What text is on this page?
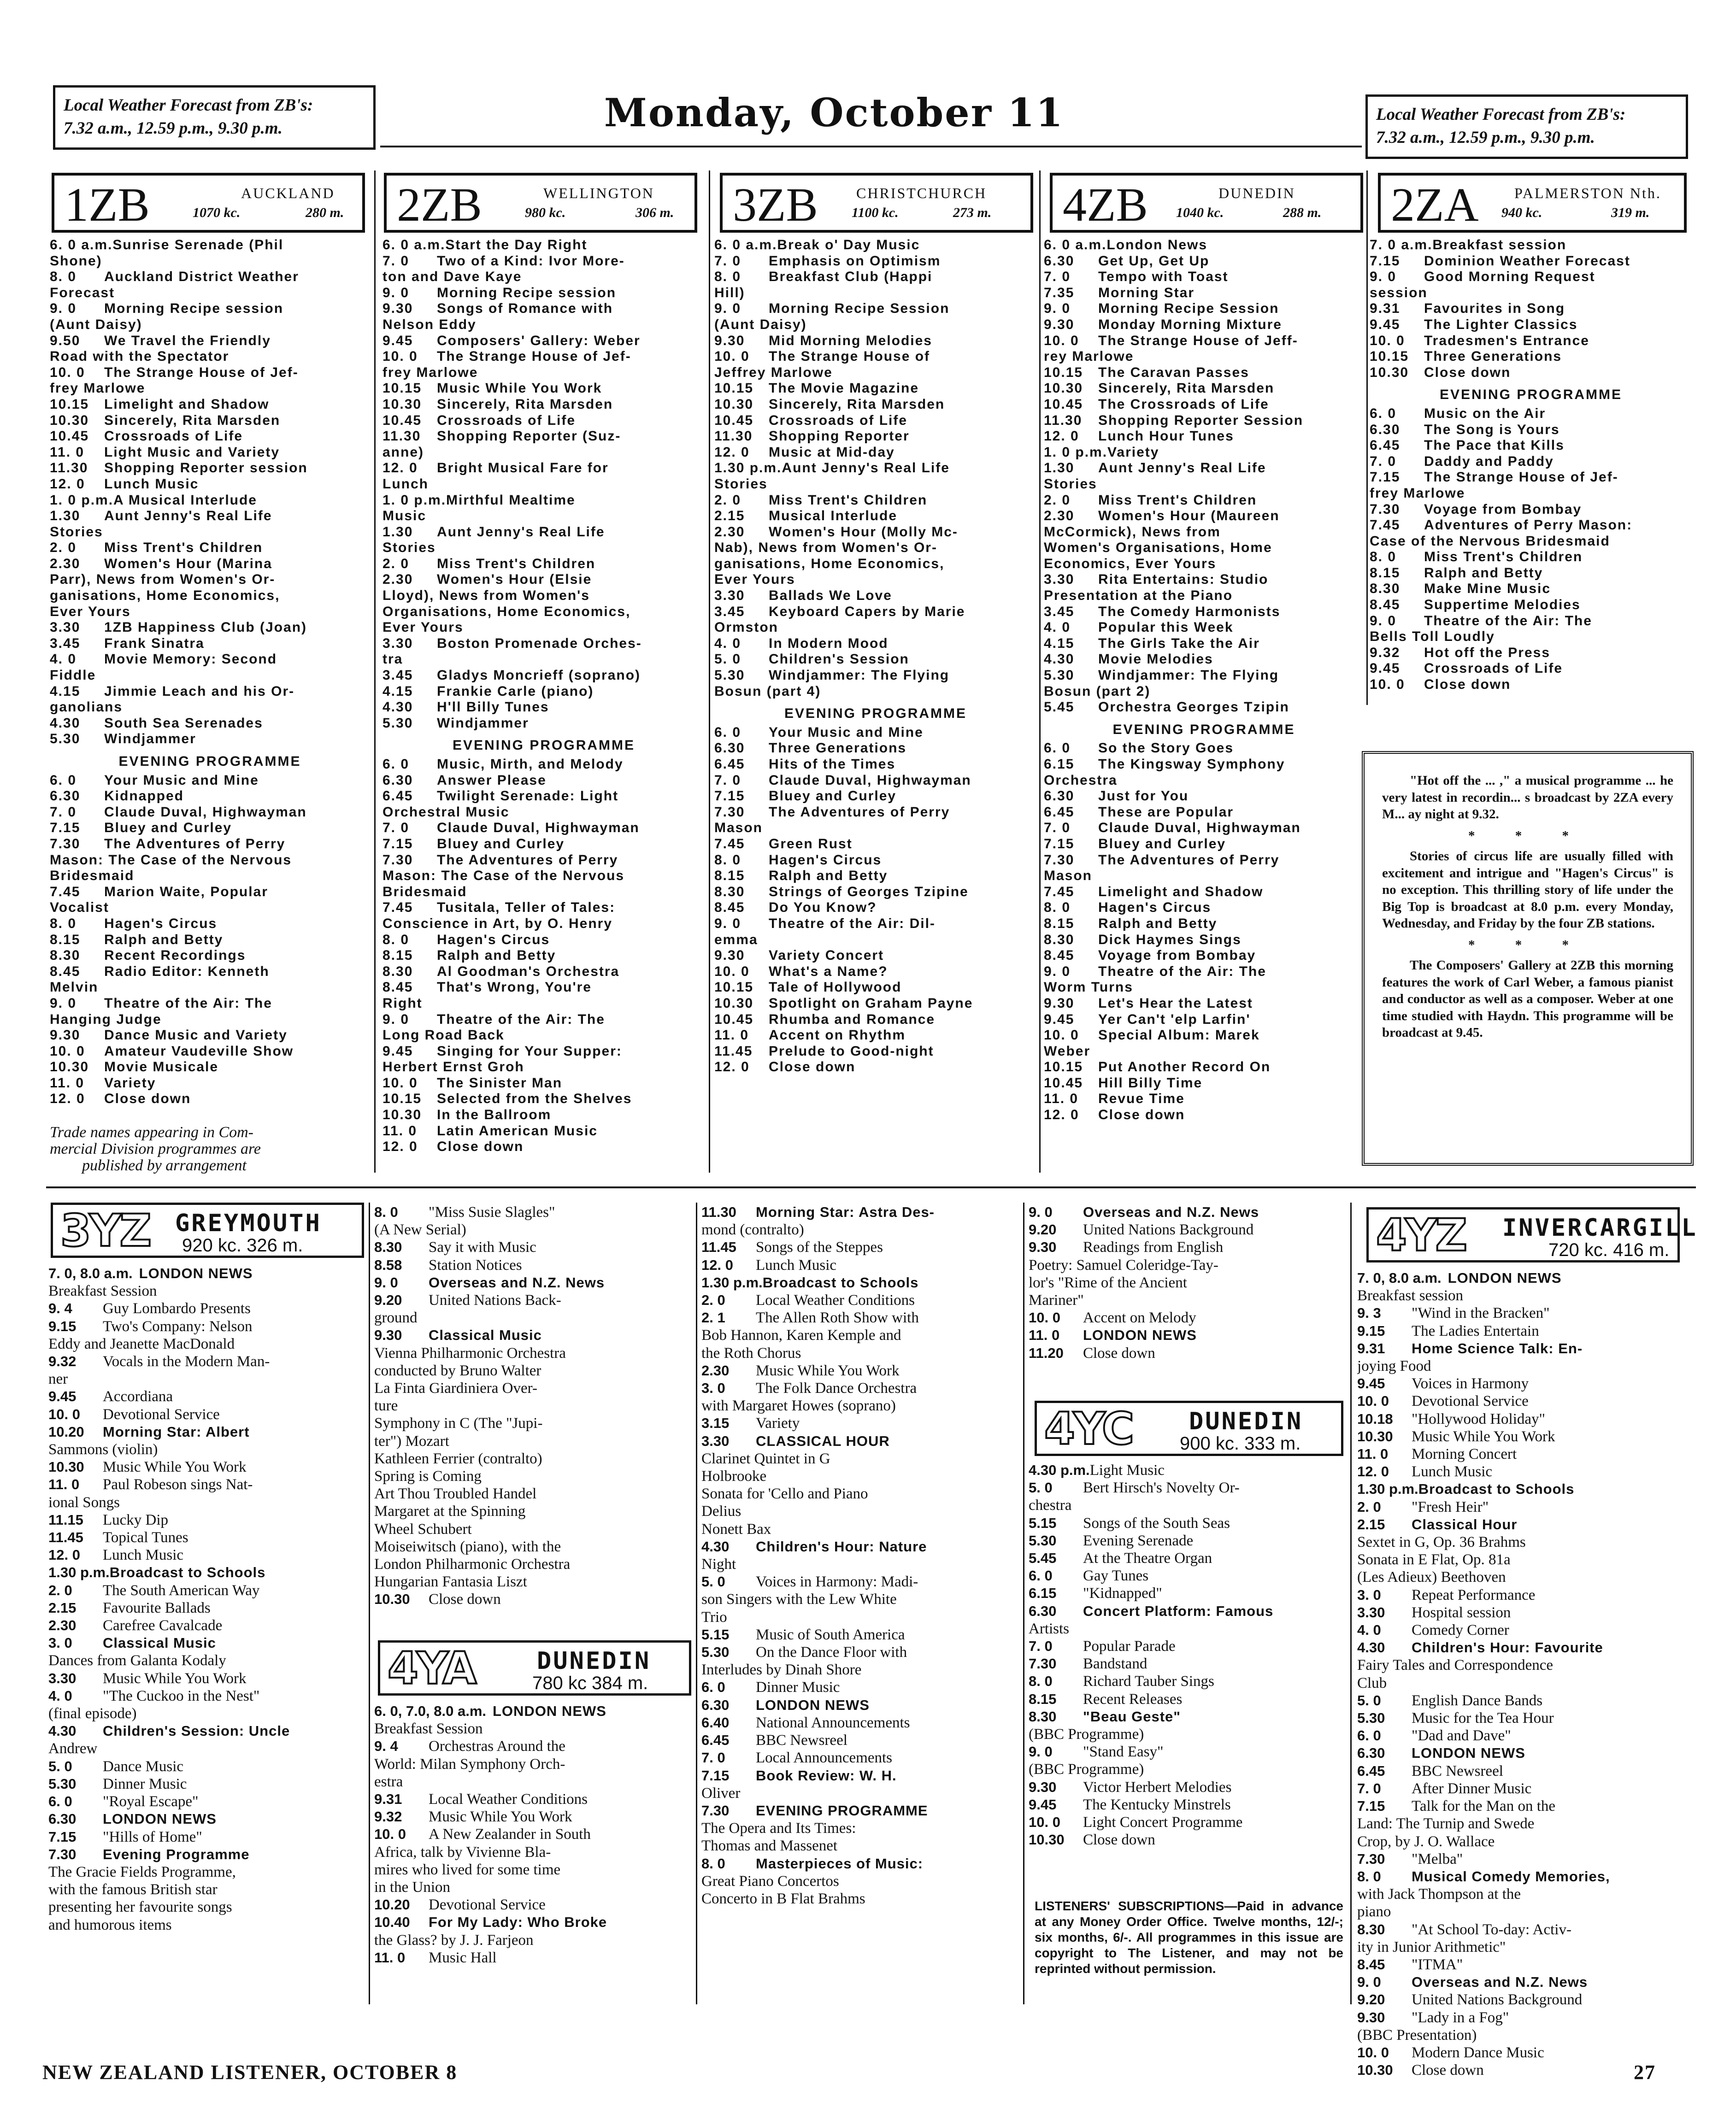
Local Weather Forecast from ZB's:
7.32 a.m., 12.59 p.m., 9.30 p.m.
Local Weather Forecast from ZB's:
7.32 a.m., 12.59 p.m., 9.30 p.m.
Monday, October 11
1ZB	AUCKLAND
1070 kc.	280 m. 2ZB	WELLINGTON
980 kc.	306 m. 3ZB	CHRISTCHURCH
1100 kc.	273 m. 4ZB	DUNEDIN
1040 kc.	288 m. 2ZA PALMERSTON Nth.
940 kc.	319 m.
6. 0 a.m. Sunrise Serenade (Phil
Shone)
8. 0	Auckland District Weather
Forecast
9. 0	Morning Recipe session
(Aunt Daisy)
9.50	We Travel the Friendly
Road with the Spectator
10. 0	The Strange House of Jef-
frey Marlowe
10.15	Limelight and Shadow
10.30	Sincerely, Rita Marsden
10.45	Crossroads of Life
11. 0	Light Music and Variety
11.30	Shopping Reporter session
12. 0	Lunch Music
1. 0 p.m. A Musical Interlude
1.30	Aunt Jenny's Real Life
Stories
2. 0	Miss Trent's Children
2.30	Women's Hour (Marina
Parr), News from Women's Or-
ganisations, Home Economics,
Ever Yours
3.30	1ZB Happiness Club (Joan)
3.45	Frank Sinatra
4. 0	Movie Memory: Second
Fiddle
4.15	Jimmie Leach and his Or-
ganolians
4.30	South Sea Serenades
5.30	Windjammer
EVENING PROGRAMME
6. 0	Your Music and Mine
6.30	Kidnapped
7. 0	Claude Duval, Highwayman
7.15	Bluey and Curley
7.30	The Adventures of Perry
Mason: The Case of the Nervous
Bridesmaid
7.45	Marion Waite, Popular
Vocalist
8. 0	Hagen's Circus
8.15	Ralph and Betty
8.30	Recent Recordings
8.45	Radio Editor: Kenneth
Melvin
9. 0	Theatre of the Air: The
Hanging Judge
9.30	Dance Music and Variety
10. 0	Amateur Vaudeville Show
10.30	Movie Musicale
11. 0	Variety
12. 0	Close down
Trade names appearing in Com-
mercial Division programmes are
published by arrangement
6. 0 a.m. Start the Day Right
7. 0	Two of a Kind: Ivor More-
ton and Dave Kaye
9. 0	Morning Recipe session
9.30	Songs of Romance with
Nelson Eddy
9.45	Composers' Gallery: Weber
10. 0	The Strange House of Jef-
frey Marlowe
10.15	Music While You Work
10.30	Sincerely, Rita Marsden
10.45	Crossroads of Life
11.30	Shopping Reporter (Suz-
anne)
12. 0	Bright Musical Fare for
Lunch
1. 0 p.m. Mirthful Mealtime
Music
1.30	Aunt Jenny's Real Life
Stories
2. 0	Miss Trent's Children
2.30	Women's Hour (Elsie
Lloyd), News from Women's
Organisations, Home Economics,
Ever Yours
3.30	Boston Promenade Orches-
tra
3.45	Gladys Moncrieff (soprano)
4.15	Frankie Carle (piano)
4.30	H'll Billy Tunes
5.30	Windjammer
EVENING PROGRAMME
6. 0	Music, Mirth, and Melody
6.30	Answer Please
6.45	Twilight Serenade: Light
Orchestral Music
7. 0	Claude Duval, Highwayman
7.15	Bluey and Curley
7.30	The Adventures of Perry
Mason: The Case of the Nervous
Bridesmaid
7.45	Tusitala, Teller of Tales:
Conscience in Art, by O. Henry
8. 0	Hagen's Circus
8.15	Ralph and Betty
8.30	Al Goodman's Orchestra
8.45	That's Wrong, You're
Right
9. 0	Theatre of the Air: The
Long Road Back
9.45	Singing for Your Supper:
Herbert Ernst Groh
10. 0	The Sinister Man
10.15	Selected from the Shelves
10.30	In the Ballroom
11. 0	Latin American Music
12. 0	Close down
6. 0 a.m. Break o' Day Music
7. 0	Emphasis on Optimism
8. 0	Breakfast Club (Happi
Hill)
9. 0	Morning Recipe Session
(Aunt Daisy)
9.30	Mid Morning Melodies
10. 0	The Strange House of
Jeffrey Marlowe
10.15	The Movie Magazine
10.30	Sincerely, Rita Marsden
10.45	Crossroads of Life
11.30	Shopping Reporter
12. 0	Music at Mid-day
1.30 p.m. Aunt Jenny's Real Life
Stories
2. 0	Miss Trent's Children
2.15	Musical Interlude
2.30	Women's Hour (Molly Mc-
Nab), News from Women's Or-
ganisations, Home Economics,
Ever Yours
3.30	Ballads We Love
3.45	Keyboard Capers by Marie
Ormston
4. 0	In Modern Mood
5. 0	Children's Session
5.30	Windjammer: The Flying
Bosun (part 4)
EVENING PROGRAMME
6. 0	Your Music and Mine
6.30	Three Generations
6.45	Hits of the Times
7. 0	Claude Duval, Highwayman
7.15	Bluey and Curley
7.30	The Adventures of Perry
Mason
7.45	Green Rust
8. 0	Hagen's Circus
8.15	Ralph and Betty
8.30	Strings of Georges Tzipine
8.45	Do You Know?
9. 0	Theatre of the Air: Dil-
emma
9.30	Variety Concert
10. 0	What's a Name?
10.15	Tale of Hollywood
10.30	Spotlight on Graham Payne
10.45	Rhumba and Romance
11. 0	Accent on Rhythm
11.45	Prelude to Good-night
12. 0	Close down
6. 0 a.m. London News
6.30	Get Up, Get Up
7. 0	Tempo with Toast
7.35	Morning Star
9. 0	Morning Recipe Session
9.30	Monday Morning Mixture
10. 0	The Strange House of Jeff-
rey Marlowe
10.15	The Caravan Passes
10.30	Sincerely, Rita Marsden
10.45	The Crossroads of Life
11.30	Shopping Reporter Session
12. 0	Lunch Hour Tunes
1. 0 p.m. Variety
1.30	Aunt Jenny's Real Life
Stories
2. 0	Miss Trent's Children
2.30	Women's Hour (Maureen
McCormick), News from
Women's Organisations, Home
Economics, Ever Yours
3.30	Rita Entertains: Studio
Presentation at the Piano
3.45	The Comedy Harmonists
4. 0	Popular this Week
4.15	The Girls Take the Air
4.30	Movie Melodies
5.30	Windjammer: The Flying
Bosun (part 2)
5.45	Orchestra Georges Tzipin
EVENING PROGRAMME
6. 0	So the Story Goes
6.15	The Kingsway Symphony
Orchestra
6.30	Just for You
6.45	These are Popular
7. 0	Claude Duval, Highwayman
7.15	Bluey and Curley
7.30	The Adventures of Perry
Mason
7.45	Limelight and Shadow
8. 0	Hagen's Circus
8.15	Ralph and Betty
8.30	Dick Haymes Sings
8.45	Voyage from Bombay
9. 0	Theatre of the Air: The
Worm Turns
9.30	Let's Hear the Latest
9.45	Yer Can't 'elp Larfin'
10. 0	Special Album: Marek
Weber
10.15	Put Another Record On
10.45	Hill Billy Time
11. 0	Revue Time
12. 0	Close down
7. 0 a.m. Breakfast session
7.15	Dominion Weather Forecast
9. 0	Good Morning Request
session
9.31	Favourites in Song
9.45	The Lighter Classics
10. 0	Tradesmen's Entrance
10.15	Three Generations
10.30	Close down
EVENING PROGRAMME
6. 0	Music on the Air
6.30	The Song is Yours
6.45	The Pace that Kills
7. 0	Daddy and Paddy
7.15	The Strange House of Jef-
frey Marlowe
7.30	Voyage from Bombay
7.45	Adventures of Perry Mason:
Case of the Nervous Bridesmaid
8. 0	Miss Trent's Children
8.15	Ralph and Betty
8.30	Make Mine Music
8.45	Suppertime Melodies
9. 0	Theatre of the Air: The
Bells Toll Loudly
9.32	Hot off the Press
9.45	Crossroads of Life
10. 0	Close down

"Hot off the ... ," a musical programme ... he very latest in recordin... s broadcast by 2ZA every M... ay night at 9.32.

* * *

Stories of circus life are usually filled with excitement and intrigue and "Hagen's Circus" is no exception. This thrilling story of life under the Big Top is broadcast at 8.0 p.m. every Monday, Wednesday, and Friday by the four ZB stations.

* * *

The Composers' Gallery at 2ZB this morning features the work of Carl Weber, a famous pianist and conductor as well as a composer. Weber at one time studied with Haydn. This programme will be broadcast at 9.45.

3YZ GREYMOUTH
920 kc. 326 m.
4YA	DUNEDIN
780 kc 384 m.
4YC DUNEDIN
900 kc. 333 m.
4YZ INVERCARGILL
720 kc. 416 m.
7. 0, 8.0 a.m. LONDON NEWS
Breakfast Session
9. 4	Guy Lombardo Presents
9.15	Two's Company: Nelson
Eddy and Jeanette MacDonald
9.32	Vocals in the Modern Man-
ner
9.45	Accordiana
10. 0	Devotional Service
10.20	Morning Star: Albert
Sammons (violin)
10.30	Music While You Work
11. 0	Paul Robeson sings Nat-
ional Songs
11.15	Lucky Dip
11.45	Topical Tunes
12. 0	Lunch Music
1.30 p.m. Broadcast to Schools
2. 0	The South American Way
2.15	Favourite Ballads
2.30	Carefree Cavalcade
3. 0	Classical Music
Dances from Galanta Kodaly
3.30	Music While You Work
4. 0	"The Cuckoo in the Nest"
(final episode)
4.30	Children's Session: Uncle
Andrew
5. 0	Dance Music
5.30	Dinner Music
6. 0	"Royal Escape"
6.30	LONDON NEWS
7.15	"Hills of Home"
7.30	Evening Programme
The Gracie Fields Programme,
with the famous British star
presenting her favourite songs
and humorous items
8. 0	"Miss Susie Slagles"
(A New Serial)
8.30	Say it with Music
8.58	Station Notices
9. 0	Overseas and N.Z. News
9.20	United Nations Back-
ground
9.30	Classical Music
Vienna Philharmonic Orchestra
conducted by Bruno Walter
La Finta Giardiniera Over-
ture
Symphony in C (The "Jupi-
ter") Mozart
Kathleen Ferrier (contralto)
Spring is Coming
Art Thou Troubled Handel
Margaret at the Spinning
Wheel Schubert
Moiseiwitsch (piano), with the
London Philharmonic Orchestra
Hungarian Fantasia Liszt
10.30	Close down
6. 0, 7.0, 8.0 a.m. LONDON NEWS
Breakfast Session
9. 4	Orchestras Around the
World: Milan Symphony Orch-
estra
9.31	Local Weather Conditions
9.32	Music While You Work
10. 0	A New Zealander in South
Africa, talk by Vivienne Bla-
mires who lived for some time
in the Union
10.20	Devotional Service
10.40	For My Lady: Who Broke
the Glass? by J. J. Farjeon
11. 0	Music Hall
11.30	Morning Star: Astra Des-
mond (contralto)
11.45	Songs of the Steppes
12. 0	Lunch Music
1.30 p.m. Broadcast to Schools
2. 0	Local Weather Conditions
2. 1	The Allen Roth Show with
Bob Hannon, Karen Kemple and
the Roth Chorus
2.30	Music While You Work
3. 0	The Folk Dance Orchestra
with Margaret Howes (soprano)
3.15	Variety
3.30	CLASSICAL HOUR
Clarinet Quintet in G
Holbrooke
Sonata for 'Cello and Piano
Delius
Nonett Bax
4.30	Children's Hour: Nature
Night
5. 0	Voices in Harmony: Madi-
son Singers with the Lew White
Trio
5.15	Music of South America
5.30	On the Dance Floor with
Interludes by Dinah Shore
6. 0	Dinner Music
6.30	LONDON NEWS
6.40	National Announcements
6.45	BBC Newsreel
7. 0	Local Announcements
7.15	Book Review: W. H.
Oliver
7.30	EVENING PROGRAMME
The Opera and Its Times:
Thomas and Massenet
8. 0	Masterpieces of Music:
Great Piano Concertos
Concerto in B Flat Brahms
9. 0	Overseas and N.Z. News
9.20	United Nations Background
9.30	Readings from English
Poetry: Samuel Coleridge-Tay-
lor's "Rime of the Ancient
Mariner"
10. 0	Accent on Melody
11. 0	LONDON NEWS
11.20	Close down
4.30 p.m. Light Music
5. 0	Bert Hirsch's Novelty Or-
chestra
5.15	Songs of the South Seas
5.30	Evening Serenade
5.45	At the Theatre Organ
6. 0	Gay Tunes
6.15	"Kidnapped"
6.30	Concert Platform: Famous
Artists
7. 0	Popular Parade
7.30	Bandstand
8. 0	Richard Tauber Sings
8.15	Recent Releases
8.30	"Beau Geste"
(BBC Programme)
9. 0	"Stand Easy"
(BBC Programme)
9.30	Victor Herbert Melodies
9.45	The Kentucky Minstrels
10. 0	Light Concert Programme
10.30	Close down
LISTENERS' SUBSCRIPTIONS—Paid in advance at any Money Order Office. Twelve months, 12/-; six months, 6/-. All programmes in this issue are copyright to The Listener, and may not be reprinted without permission.
7. 0, 8.0 a.m. LONDON NEWS
Breakfast session
9. 3	"Wind in the Bracken"
9.15	The Ladies Entertain
9.31	Home Science Talk: En-
joying Food
9.45	Voices in Harmony
10. 0	Devotional Service
10.18	"Hollywood Holiday"
10.30	Music While You Work
11. 0	Morning Concert
12. 0	Lunch Music
1.30 p.m. Broadcast to Schools
2. 0	"Fresh Heir"
2.15	Classical Hour
Sextet in G, Op. 36 Brahms
Sonata in E Flat, Op. 81a
(Les Adieux) Beethoven
3. 0	Repeat Performance
3.30	Hospital session
4. 0	Comedy Corner
4.30	Children's Hour: Favourite
Fairy Tales and Correspondence
Club
5. 0	English Dance Bands
5.30	Music for the Tea Hour
6. 0	"Dad and Dave"
6.30	LONDON NEWS
6.45	BBC Newsreel
7. 0	After Dinner Music
7.15	Talk for the Man on the
Land: The Turnip and Swede
Crop, by J. O. Wallace
7.30	"Melba"
8. 0	Musical Comedy Memories,
with Jack Thompson at the
piano
8.30	"At School To-day: Activ-
ity in Junior Arithmetic"
8.45	"ITMA"
9. 0	Overseas and N.Z. News
9.20	United Nations Background
9.30	"Lady in a Fog"
(BBC Presentation)
10. 0	Modern Dance Music
10.30	Close down
NEW ZEALAND LISTENER, OCTOBER 8	27
